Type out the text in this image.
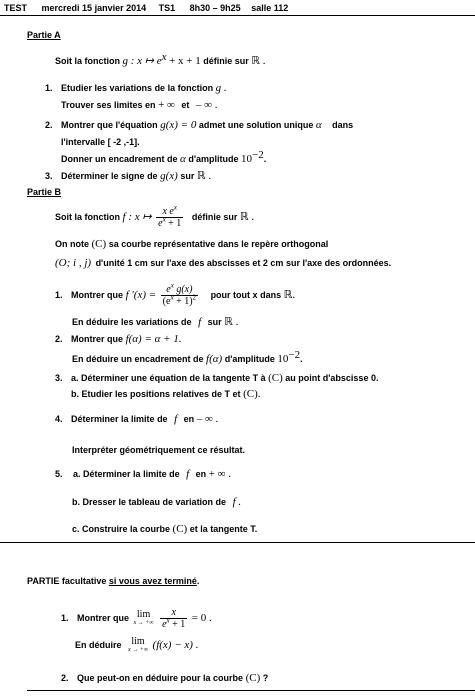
TEST mercredi 15 janvier 2014 TS1 8h30 – 9h25 salle 112
Partie A
Soit la fonction g : x ↦ $e^x + x + 1$ définie sur ℝ .
1. Etudier les variations de la fonction g .
Trouver ses limites en + ∞ et – ∞ .
2. Montrer que l'équation g(x) = 0 admet une solution unique α dans
l'intervalle [ -2 ,-1].
Donner un encadrement de α d'amplitude $10^{-2}$.
3. Déterminer le signe de g(x) sur ℝ .
Partie B
Soit la fonction f : x ↦ $\frac{x e^x}{e^x + 1}$ définie sur ℝ .
On note (C) sa courbe représentative dans le repère orthogonal
(O; i , j) d'unité 1 cm sur l'axe des abscisses et 2 cm sur l'axe des ordonnées.
1. Montrer que f $'(x) = \frac{e^x g(x)}{(e^x + 1)^2}$ pour tout x dans ℝ.
En déduire les variations de f sur ℝ .
2. Montrer que f(α) = α + 1.
En déduire un encadrement de f(α) d'amplitude $10^{-2}$.
3. a. Déterminer une équation de la tangente T à (C) au point d'abscisse 0.
b. Etudier les positions relatives de T et (C).
4. Déterminer la limite de f en – ∞ .
Interpréter géométriquement ce résultat.
5. a. Déterminer la limite de f en + ∞ .
b. Dresser le tableau de variation de f .
c. Construire la courbe (C) et la tangente T.
PARTIE facultative si vous avez terminé.
1. Montrer que lim
x → +∞
$\frac{x}{e^x + 1} = 0$ .
En déduire lim
x → +∞ (f(x) − x) .
2. Que peut-on en déduire pour la courbe (C) ?
